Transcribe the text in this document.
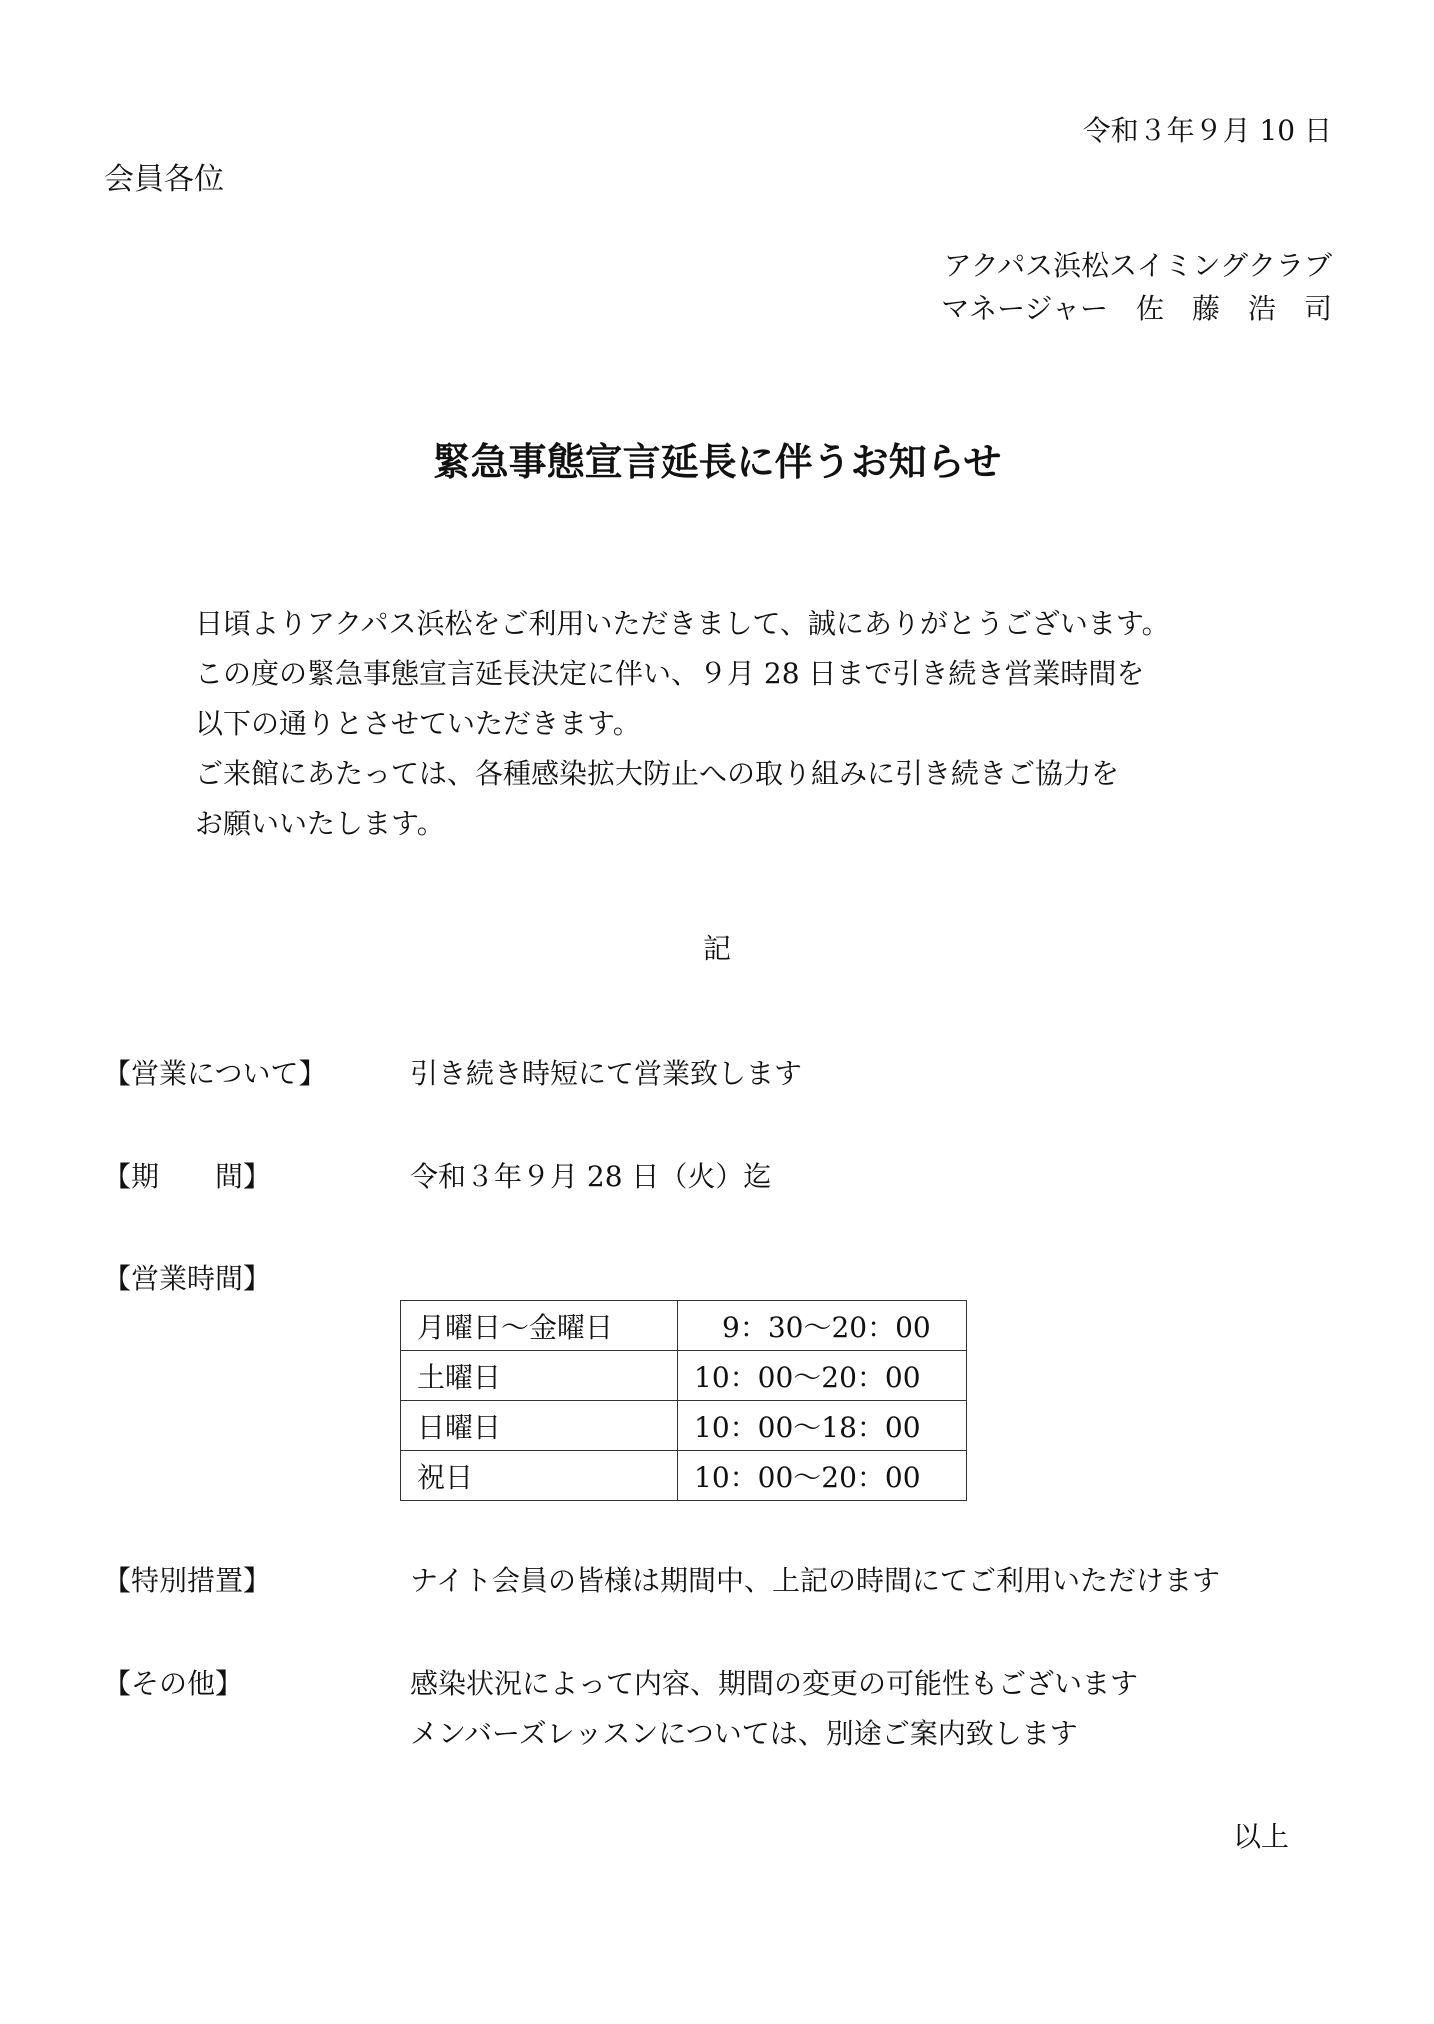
令和３年９月 10 日
会員各位
アクパス浜松スイミングクラブ
マネージャー　佐　藤　浩　司
緊急事態宣言延長に伴うお知らせ
日頃よりアクパス浜松をご利用いただきまして、誠にありがとうございます。
この度の緊急事態宣言延長決定に伴い、９月 28 日まで引き続き営業時間を
以下の通りとさせていただきます。
ご来館にあたっては、各種感染拡大防止への取り組みに引き続きご協力を
お願いいたします。
記
【営業について】	引き続き時短にて営業致します
【期　　間】	令和３年９月 28 日（火）迄
【営業時間】
月曜日～金曜日	　9：30～20：00
土曜日	10：00～20：00
日曜日	10：00～18：00
祝日	10：00～20：00
【特別措置】	ナイト会員の皆様は期間中、上記の時間にてご利用いただけます
【その他】	感染状況によって内容、期間の変更の可能性もございます
メンバーズレッスンについては、別途ご案内致します
以上
